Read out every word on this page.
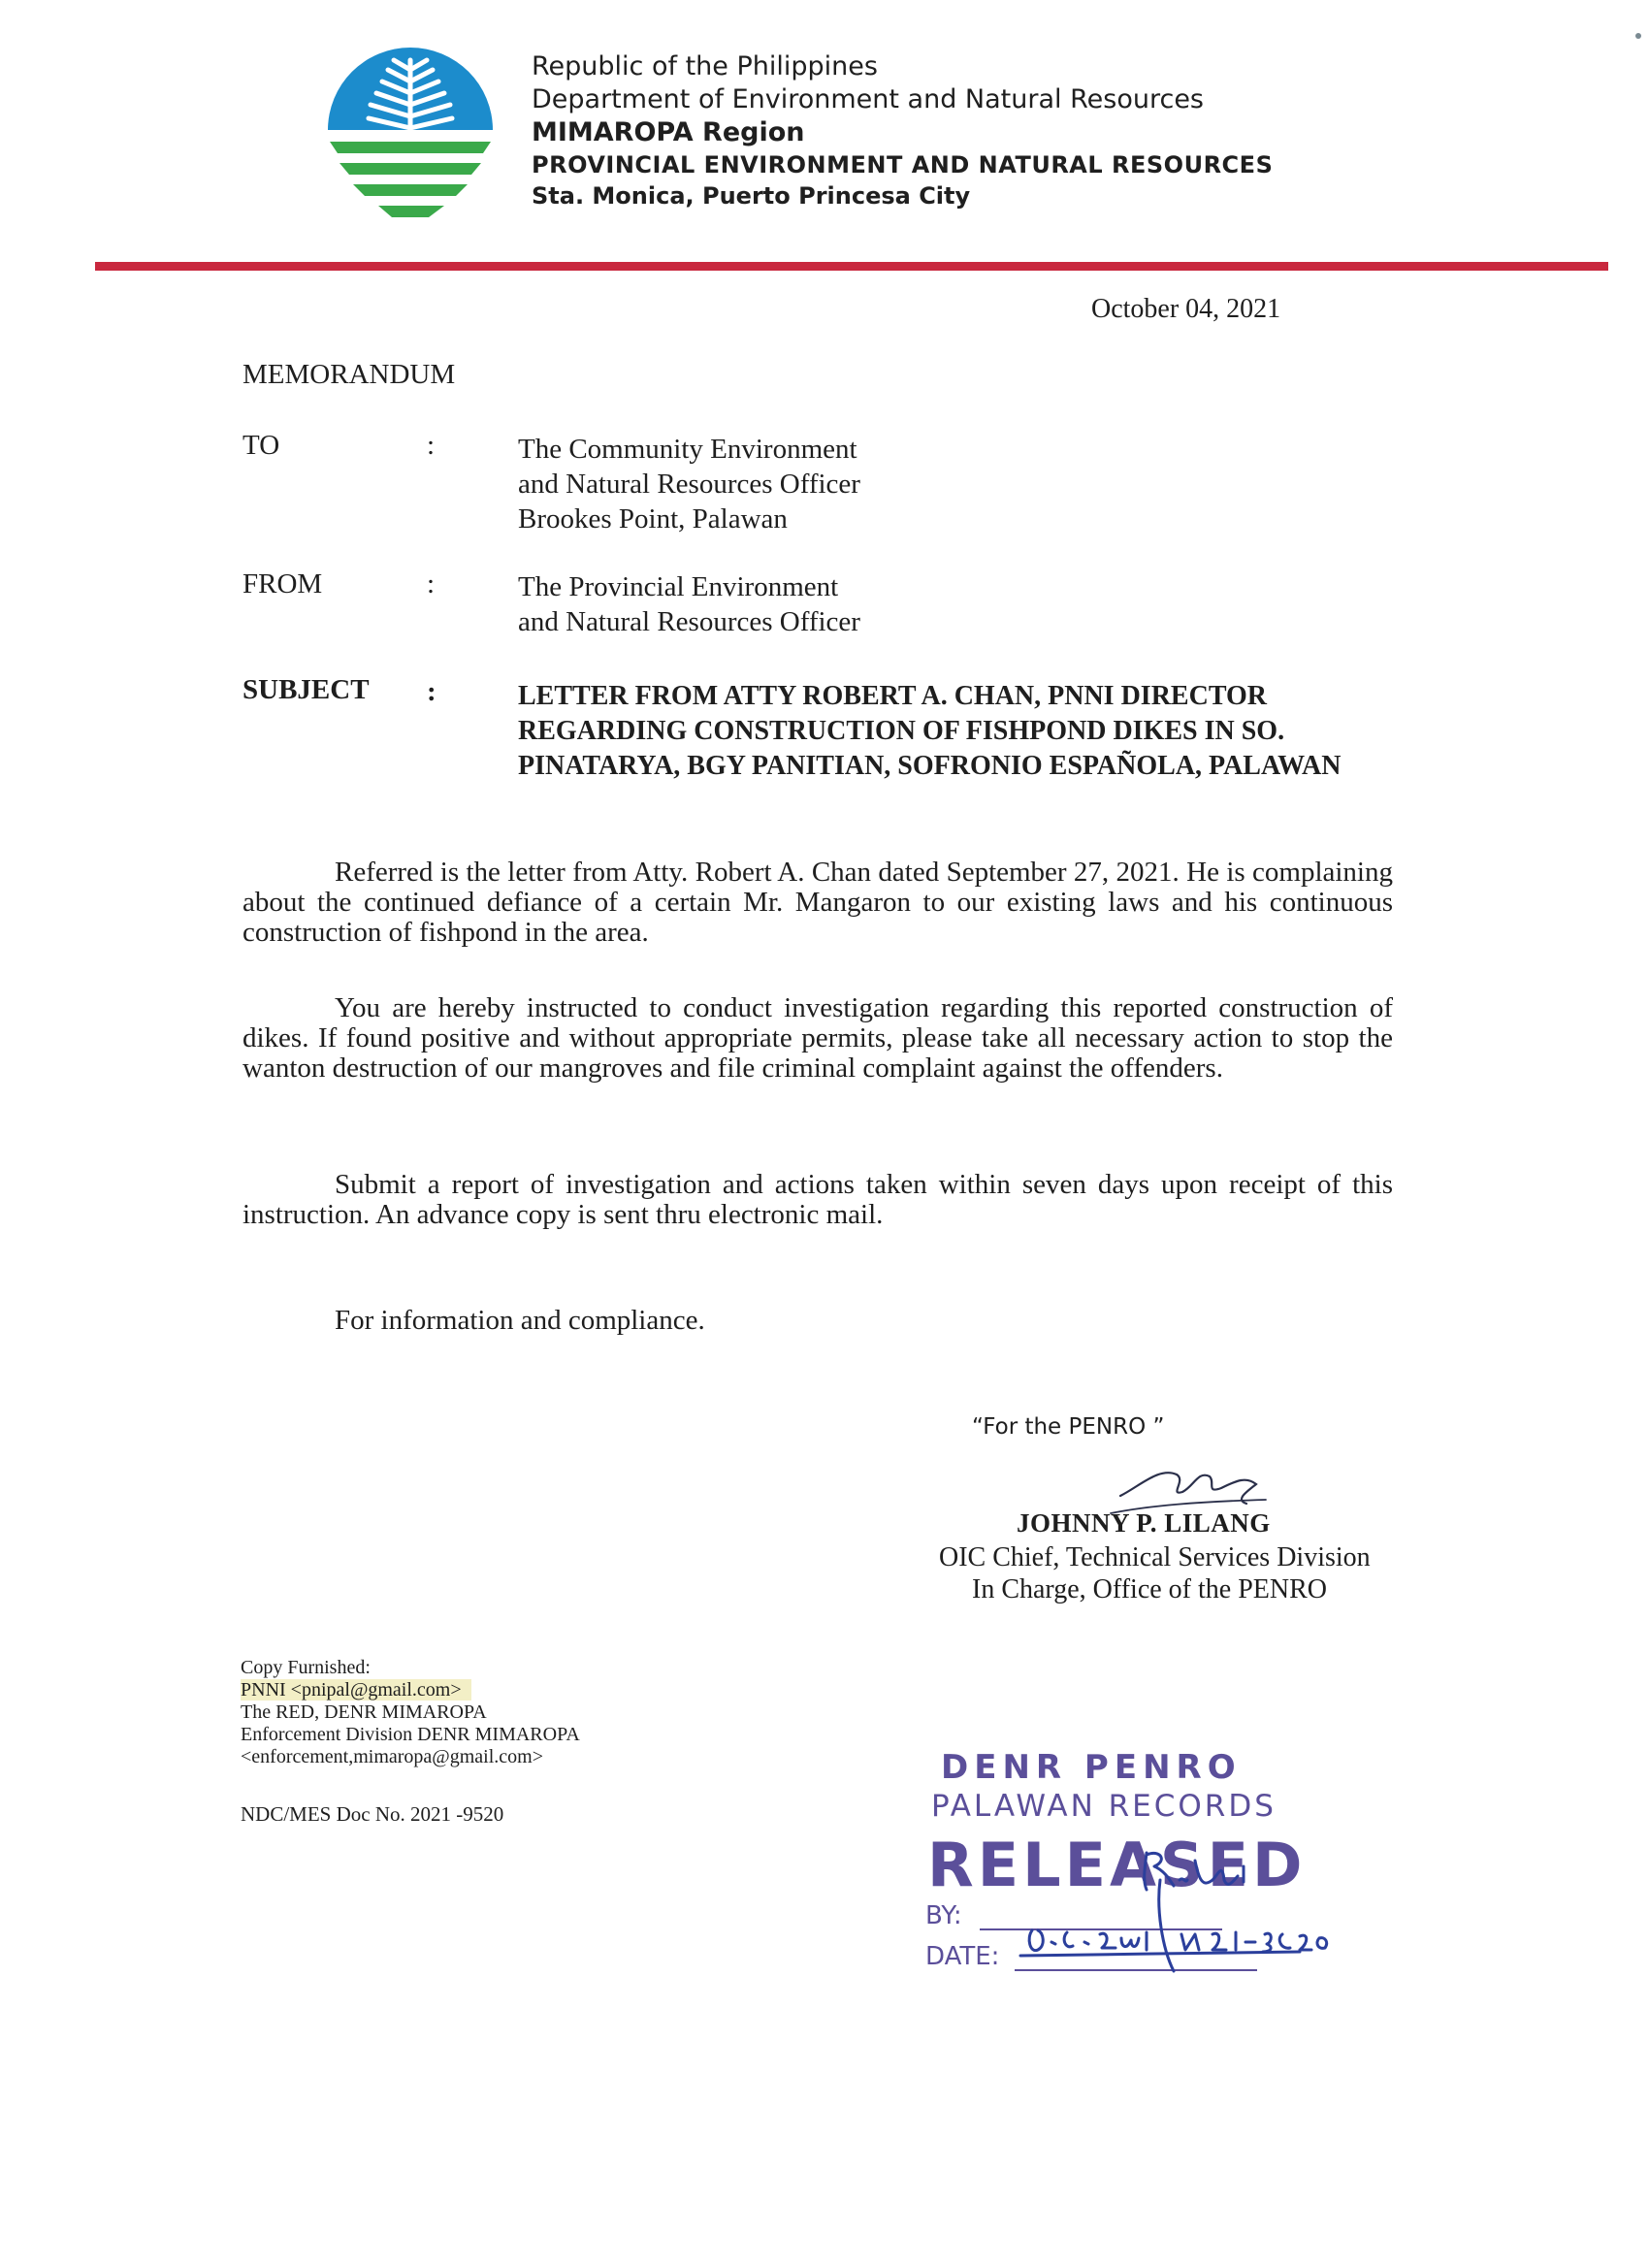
Republic of the Philippines
Department of Environment and Natural Resources
MIMAROPA Region
PROVINCIAL ENVIRONMENT AND NATURAL RESOURCES
Sta. Monica, Puerto Princesa City
October 04, 2021
MEMORANDUM
TO	:	The Community Environment
and Natural Resources Officer
Brookes Point, Palawan
FROM	:	The Provincial Environment
and Natural Resources Officer
SUBJECT :	LETTER FROM ATTY ROBERT A. CHAN, PNNI DIRECTOR REGARDING CONSTRUCTION OF FISHPOND DIKES IN SO. PINATARYA, BGY PANITIAN, SOFRONIO ESPAÑOLA, PALAWAN
Referred is the letter from Atty. Robert A. Chan dated September 27, 2021. He is complaining about the continued defiance of a certain Mr. Mangaron to our existing laws and his continuous construction of fishpond in the area.
You are hereby instructed to conduct investigation regarding this reported construction of dikes. If found positive and without appropriate permits, please take all necessary action to stop the wanton destruction of our mangroves and file criminal complaint against the offenders.
Submit a report of investigation and actions taken within seven days upon receipt of this instruction. An advance copy is sent thru electronic mail.
For information and compliance.
“For the PENRO ”
JOHNNY P. LILANG
OIC Chief, Technical Services Division
In Charge, Office of the PENRO
Copy Furnished:
PNNI <pnipal@gmail.com>
The RED, DENR MIMAROPA
Enforcement Division DENR MIMAROPA
<enforcement,mimaropa@gmail.com>
NDC/MES Doc No. 2021 -9520
DENR PENRO
PALAWAN RECORDS
RELEASED
BY:
DATE:
